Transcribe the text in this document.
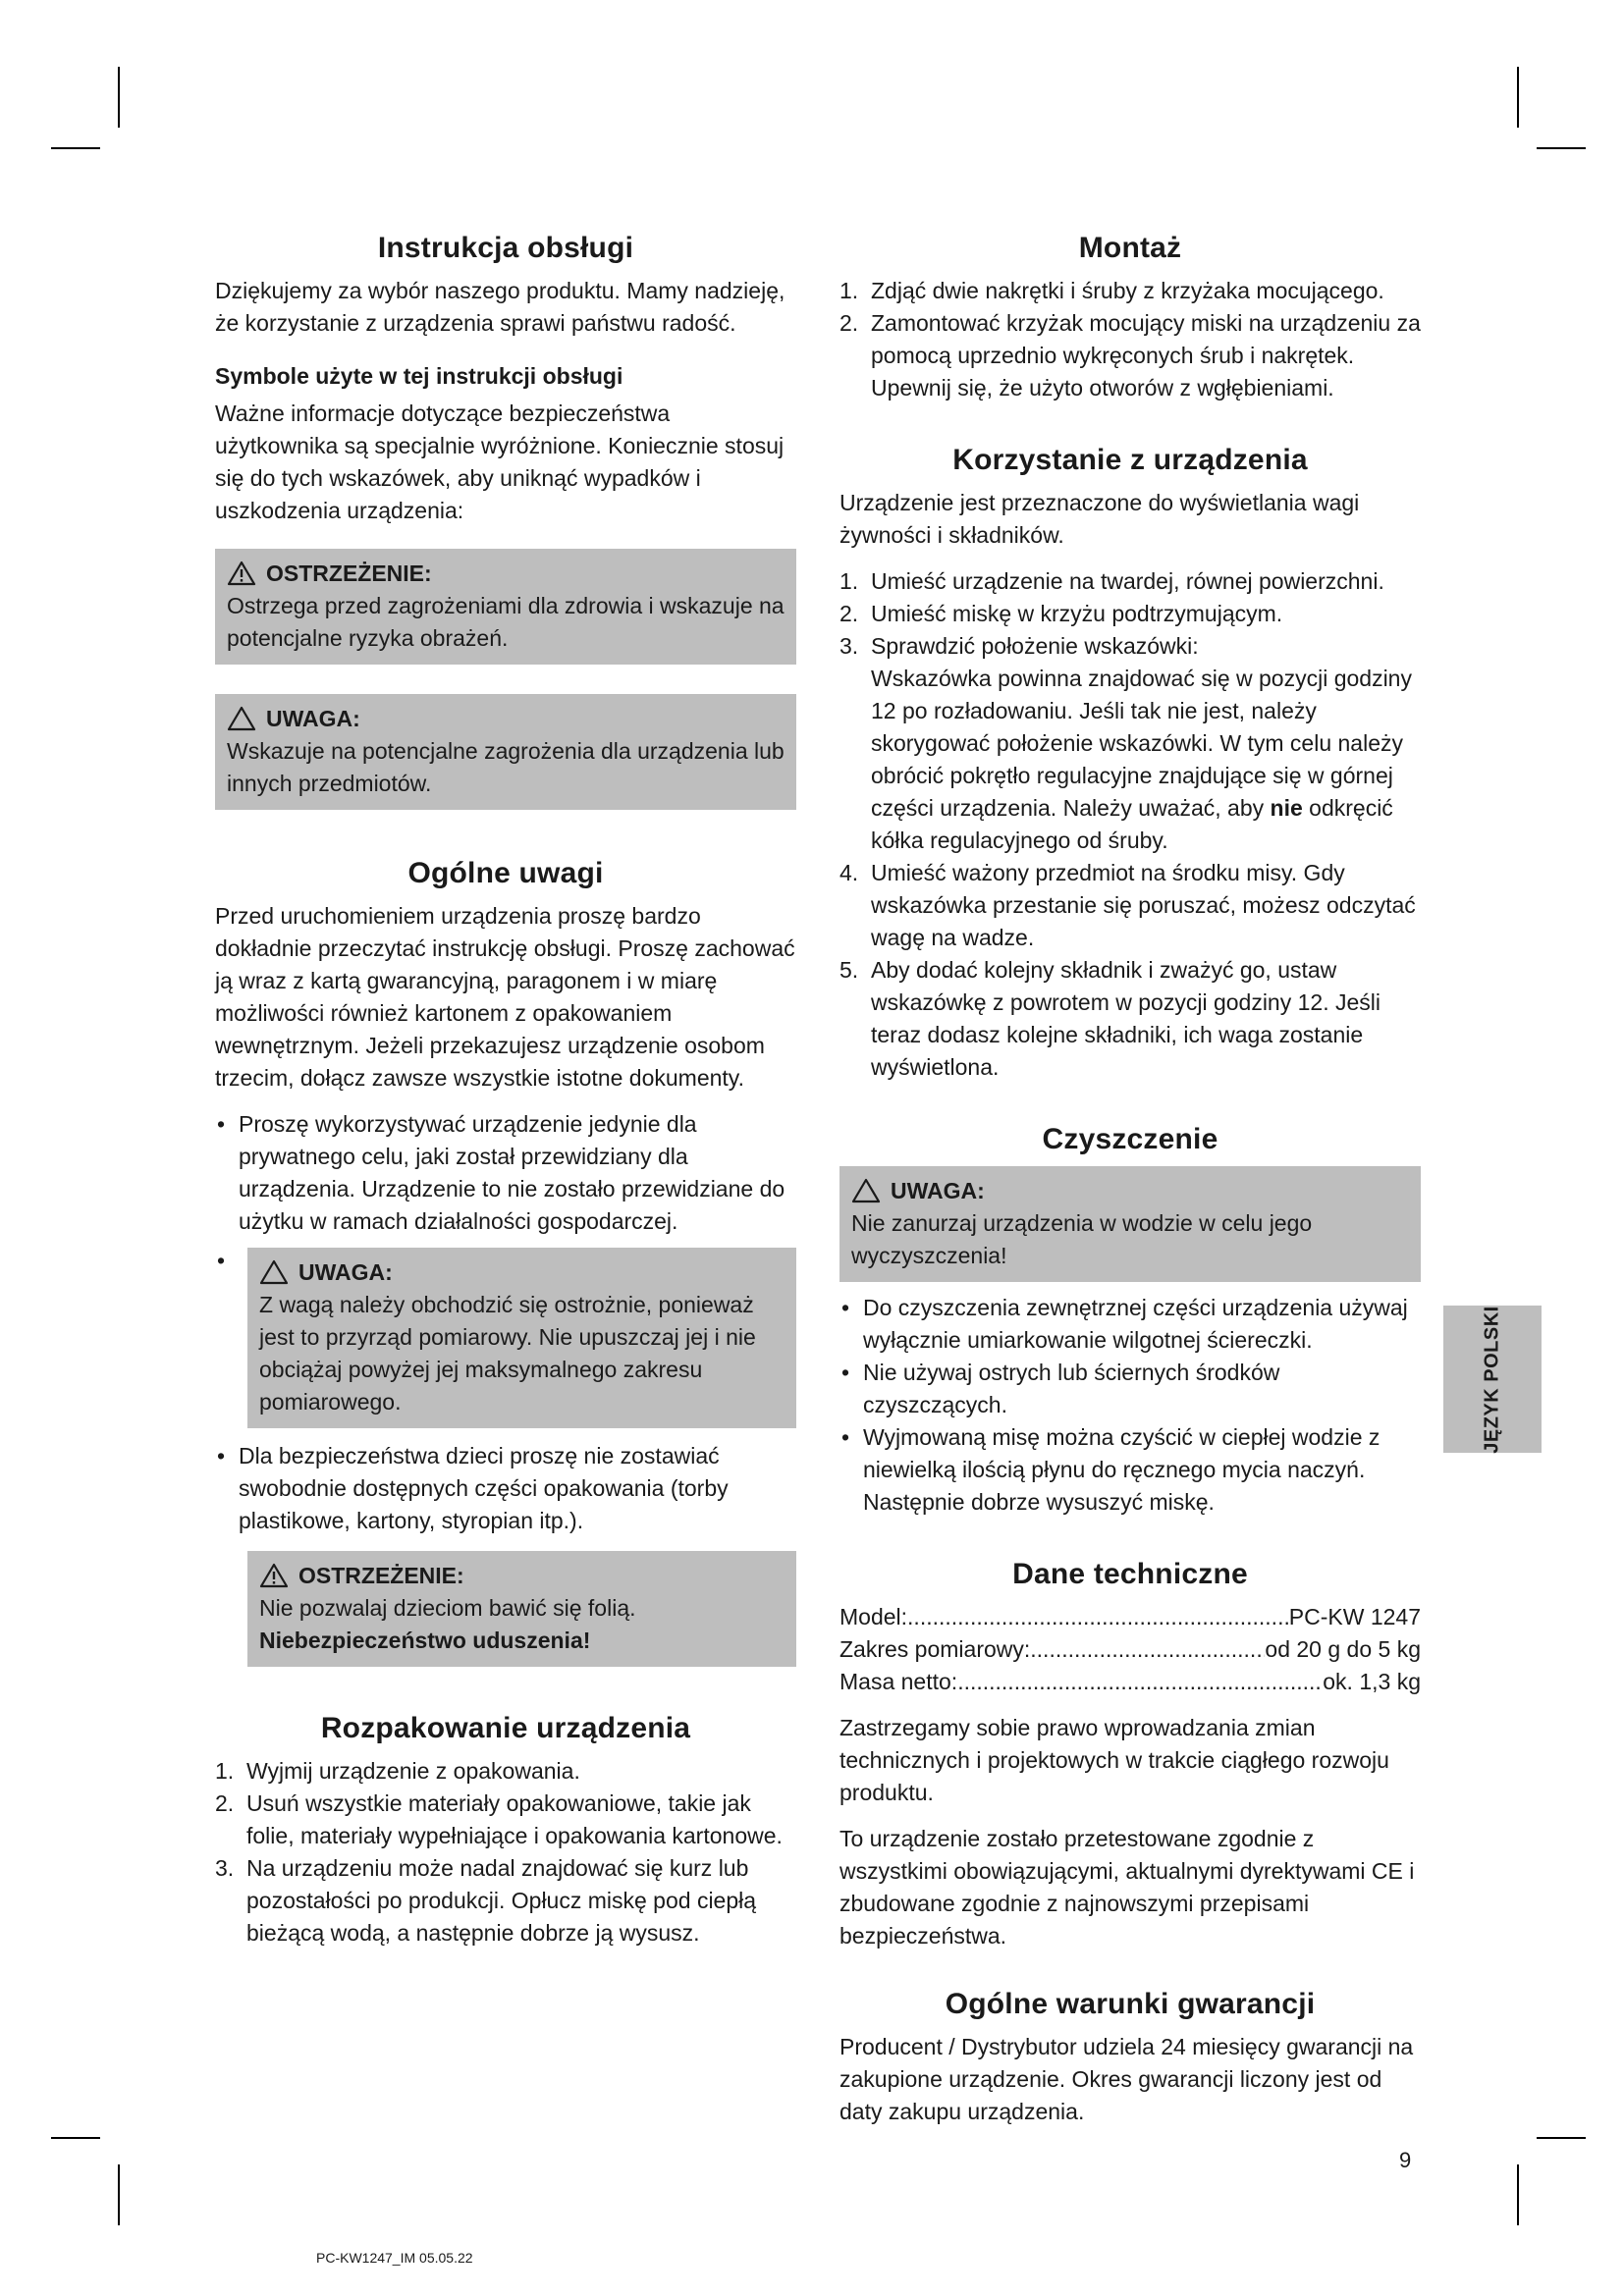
Instrukcja obsługi

Dziękujemy za wybór naszego produktu. Mamy nadzieję, że korzystanie z urządzenia sprawi państwu radość.

Symbole użyte w tej instrukcji obsługi

Ważne informacje dotyczące bezpieczeństwa użytkownika są specjalnie wyróżnione. Koniecznie stosuj się do tych wskazówek, aby uniknąć wypadków i uszkodzenia urządzenia:

OSTRZEŻENIE:
Ostrzega przed zagrożeniami dla zdrowia i wskazuje na potencjalne ryzyka obrażeń.
UWAGA:
Wskazuje na potencjalne zagrożenia dla urządzenia lub innych przedmiotów.
Ogólne uwagi

Przed uruchomieniem urządzenia proszę bardzo dokładnie przeczytać instrukcję obsługi. Proszę zachować ją wraz z kartą gwarancyjną, paragonem i w miarę możliwości również kartonem z opakowaniem wewnętrznym. Jeżeli przekazujesz urządzenie osobom trzecim, dołącz zawsze wszystkie istotne dokumenty.

• Proszę wykorzystywać urządzenie jedynie dla prywatnego celu, jaki został przewidziany dla urządzenia. Urządzenie to nie zostało przewidziane do użytku w ramach działalności gospodarczej.
•	UWAGA:
Z wagą należy obchodzić się ostrożnie, ponieważ jest to przyrząd pomiarowy. Nie upuszczaj jej i nie obciążaj powyżej jej maksymalnego zakresu pomiarowego.
• Dla bezpieczeństwa dzieci proszę nie zostawiać swobodnie dostępnych części opakowania (torby plastikowe, kartony, styropian itp.).
OSTRZEŻENIE:
Nie pozwalaj dzieciom bawić się folią. Niebezpieczeństwo uduszenia!
Rozpakowanie urządzenia
1. Wyjmij urządzenie z opakowania.
2. Usuń wszystkie materiały opakowaniowe, takie jak folie, materiały wypełniające i opakowania kartonowe.
3. Na urządzeniu może nadal znajdować się kurz lub pozostałości po produkcji. Opłucz miskę pod ciepłą bieżącą wodą, a następnie dobrze ją wysusz.
Montaż
1. Zdjąć dwie nakrętki i śruby z krzyżaka mocującego.
2. Zamontować krzyżak mocujący miski na urządzeniu za pomocą uprzednio wykręconych śrub i nakrętek. Upewnij się, że użyto otworów z wgłębieniami.
Korzystanie z urządzenia

Urządzenie jest przeznaczone do wyświetlania wagi żywności i składników.

1. Umieść urządzenie na twardej, równej powierzchni.
2. Umieść miskę w krzyżu podtrzymującym.
3. Sprawdzić położenie wskazówki:
Wskazówka powinna znajdować się w pozycji godziny 12 po rozładowaniu. Jeśli tak nie jest, należy skorygować położenie wskazówki. W tym celu należy obrócić pokrętło regulacyjne znajdujące się w górnej części urządzenia. Należy uważać, aby nie odkręcić kółka regulacyjnego od śruby.
4. Umieść ważony przedmiot na środku misy. Gdy wskazówka przestanie się poruszać, możesz odczytać wagę na wadze.
5. Aby dodać kolejny składnik i zważyć go, ustaw wskazówkę z powrotem w pozycji godziny 12. Jeśli teraz dodasz kolejne składniki, ich waga zostanie wyświetlona.
Czyszczenie
UWAGA:
Nie zanurzaj urządzenia w wodzie w celu jego wyczyszczenia!
• Do czyszczenia zewnętrznej części urządzenia używaj wyłącznie umiarkowanie wilgotnej ściereczki.
• Nie używaj ostrych lub ściernych środków czyszczących.
• Wyjmowaną misę można czyścić w ciepłej wodzie z niewielką ilością płynu do ręcznego mycia naczyń. Następnie dobrze wysuszyć miskę.
Dane techniczne
Model: .....	PC-KW 1247
Zakres pomiarowy: .....	od 20 g do 5 kg
Masa netto: .....	ok. 1,3 kg

Zastrzegamy sobie prawo wprowadzania zmian technicznych i projektowych w trakcie ciągłego rozwoju produktu.

To urządzenie zostało przetestowane zgodnie z wszystkimi obowiązującymi, aktualnymi dyrektywami CE i zbudowane zgodnie z najnowszymi przepisami bezpieczeństwa.

Ogólne warunki gwarancji

Producent / Dystrybutor udziela 24 miesięcy gwarancji na zakupione urządzenie. Okres gwarancji liczony jest od daty zakupu urządzenia.

JĘZYK POLSKI
9
PC-KW1247_IM 05.05.22
